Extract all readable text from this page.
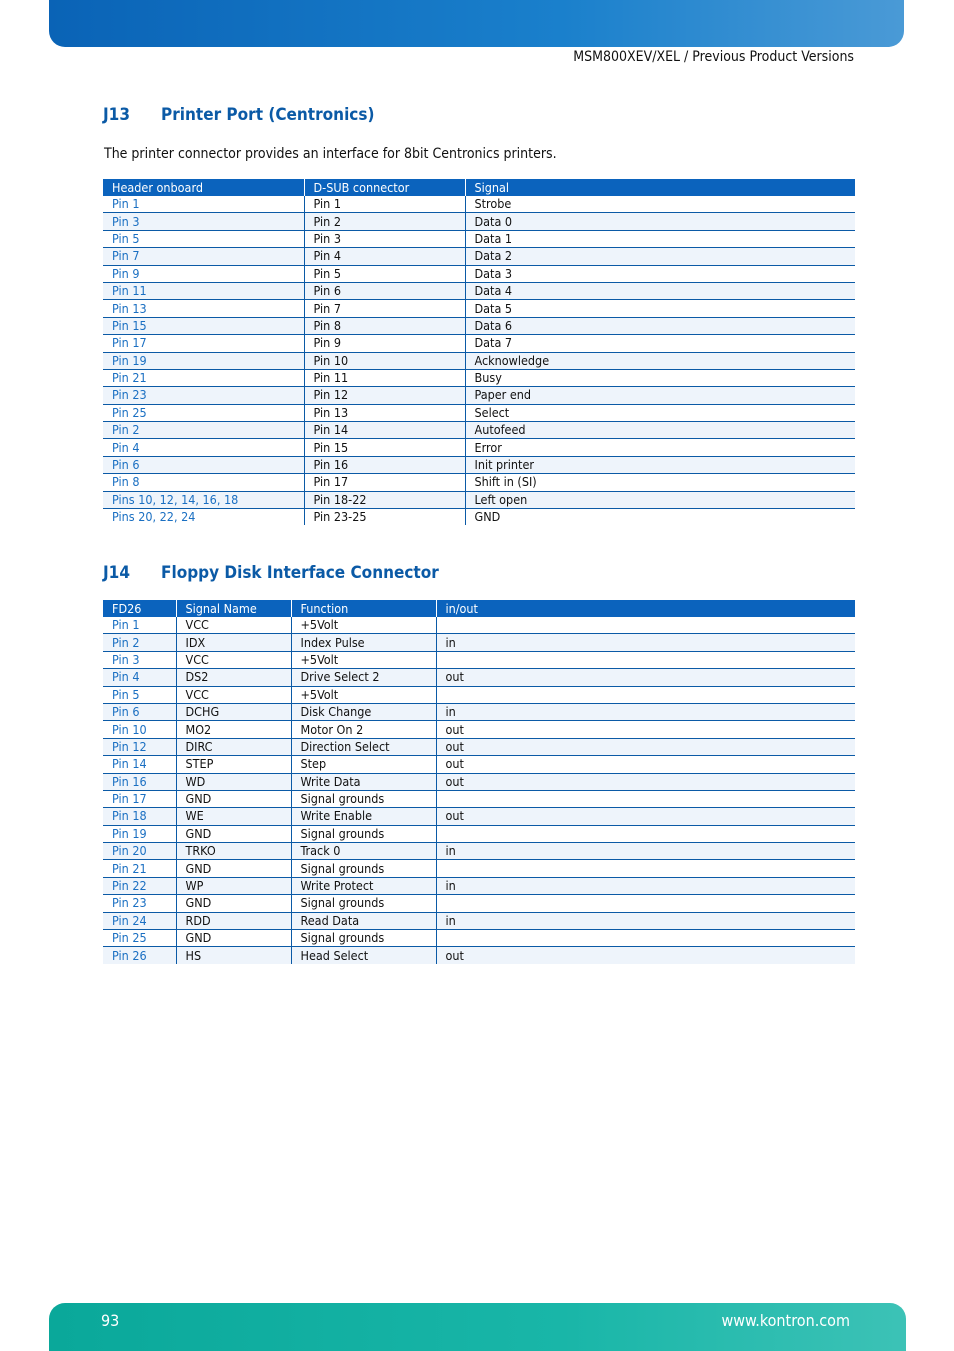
MSM800XEV/XEL / Previous Product Versions
J13 Printer Port (Centronics)
The printer connector provides an interface for 8bit Centronics printers.
Header onboard	D-SUB connector	Signal
Pin 1	Pin 1	Strobe
Pin 3	Pin 2	Data 0
Pin 5	Pin 3	Data 1
Pin 7	Pin 4	Data 2
Pin 9	Pin 5	Data 3
Pin 11	Pin 6	Data 4
Pin 13	Pin 7	Data 5
Pin 15	Pin 8	Data 6
Pin 17	Pin 9	Data 7
Pin 19	Pin 10	Acknowledge
Pin 21	Pin 11	Busy
Pin 23	Pin 12	Paper end
Pin 25	Pin 13	Select
Pin 2	Pin 14	Autofeed
Pin 4	Pin 15	Error
Pin 6	Pin 16	Init printer
Pin 8	Pin 17	Shift in (SI)
Pins 10, 12, 14, 16, 18	Pin 18-22	Left open
Pins 20, 22, 24	Pin 23-25	GND
J14 Floppy Disk Interface Connector
FD26	Signal Name	Function	in/out
Pin 1	VCC	+5Volt	
Pin 2	IDX	Index Pulse	in
Pin 3	VCC	+5Volt	
Pin 4	DS2	Drive Select 2	out
Pin 5	VCC	+5Volt	
Pin 6	DCHG	Disk Change	in
Pin 10	MO2	Motor On 2	out
Pin 12	DIRC	Direction Select	out
Pin 14	STEP	Step	out
Pin 16	WD	Write Data	out
Pin 17	GND	Signal grounds	
Pin 18	WE	Write Enable	out
Pin 19	GND	Signal grounds	
Pin 20	TRKO	Track 0	in
Pin 21	GND	Signal grounds	
Pin 22	WP	Write Protect	in
Pin 23	GND	Signal grounds	
Pin 24	RDD	Read Data	in
Pin 25	GND	Signal grounds	
Pin 26	HS	Head Select	out
93	www.kontron.com
